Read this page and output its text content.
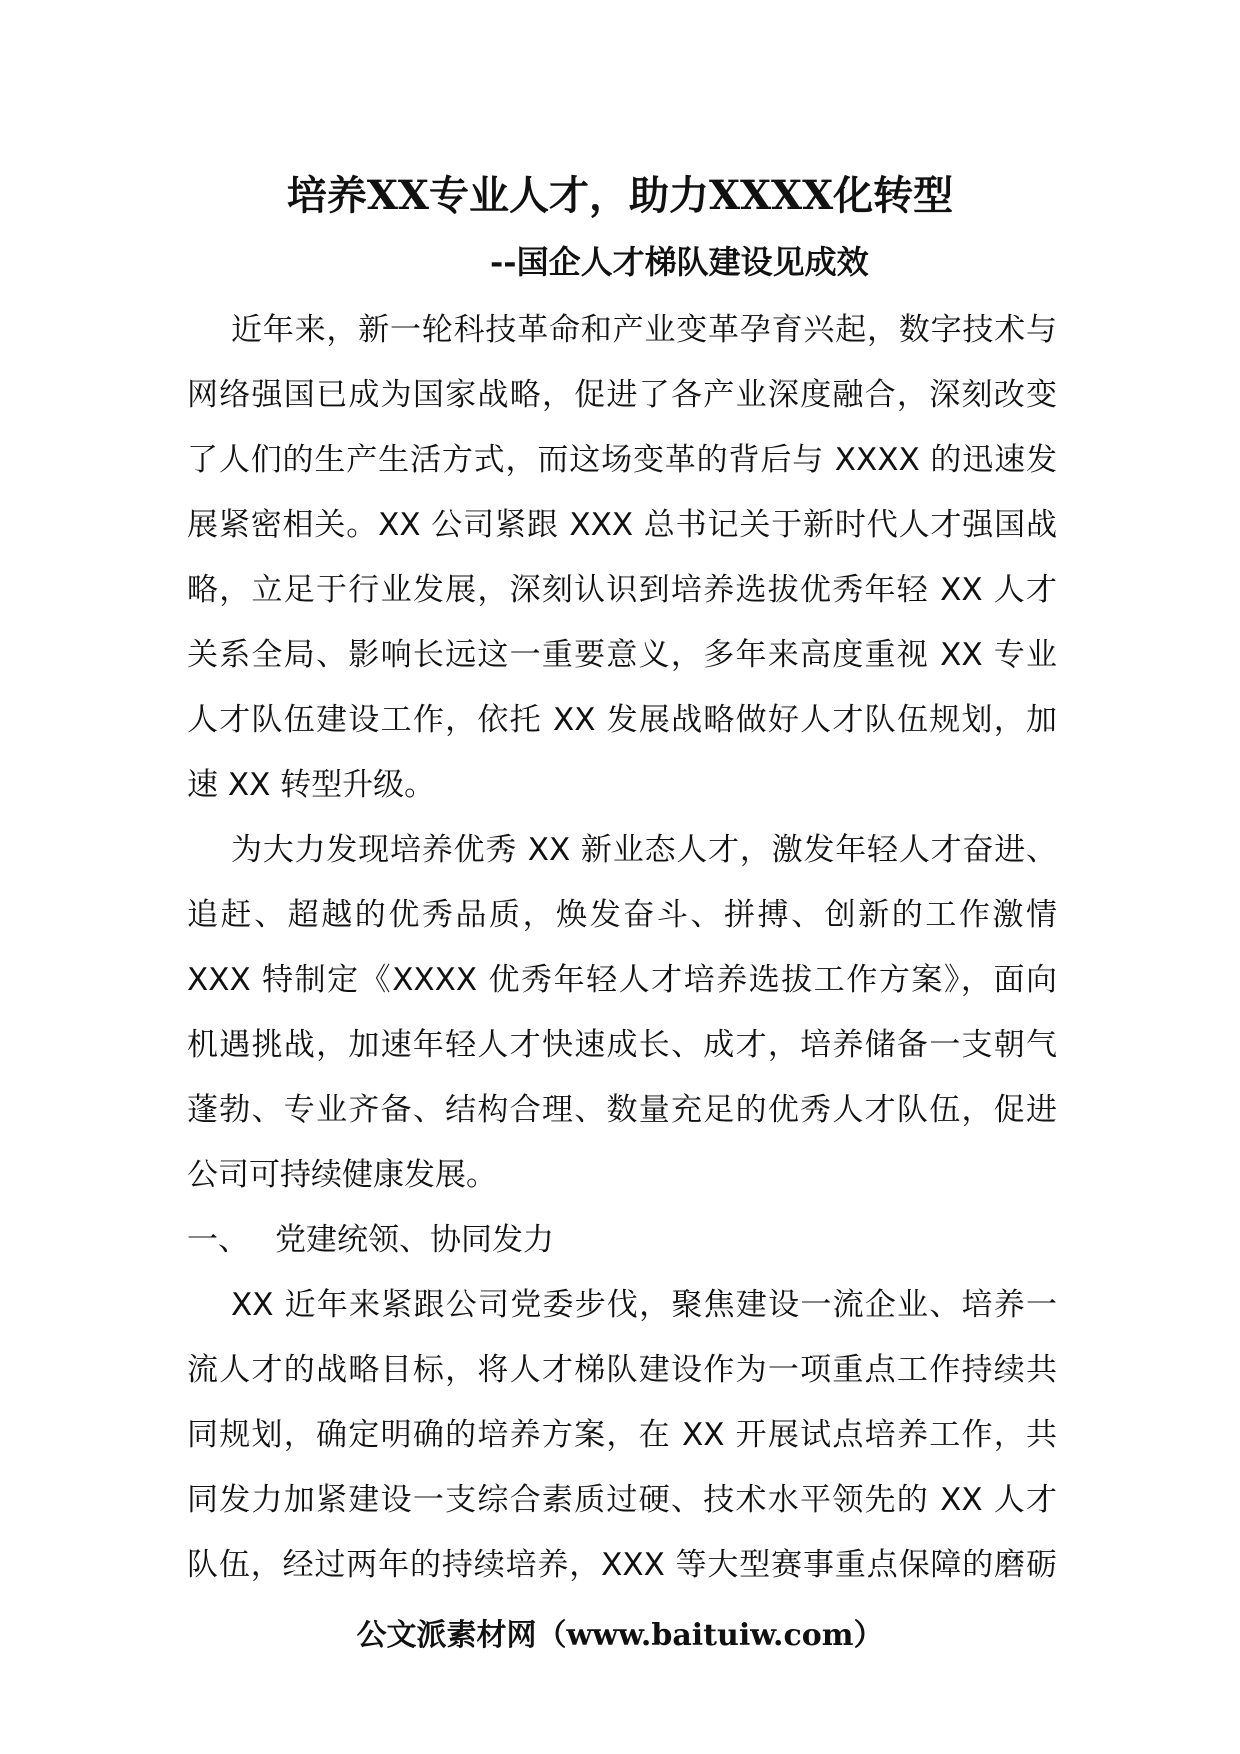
培养XX专业人才，助力XXXX化转型
--国企人才梯队建设见成效

近年来，新一轮科技革命和产业变革孕育兴起，数字技术与
网络强国已成为国家战略，促进了各产业深度融合，深刻改变
了人们的生产生活方式，而这场变革的背后与 XXXX 的迅速发
展紧密相关。XX 公司紧跟 XXX 总书记关于新时代人才强国战
略，立足于行业发展，深刻认识到培养选拔优秀年轻 XX 人才
关系全局、影响长远这一重要意义，多年来高度重视 XX 专业
人才队伍建设工作，依托 XX 发展战略做好人才队伍规划，加
速 XX 转型升级。

为大力发现培养优秀 XX 新业态人才，激发年轻人才奋进、
追赶、超越的优秀品质，焕发奋斗、拼搏、创新的工作激情
XXX 特制定《XXXX 优秀年轻人才培养选拔工作方案》，面向
机遇挑战，加速年轻人才快速成长、成才，培养储备一支朝气
蓬勃、专业齐备、结构合理、数量充足的优秀人才队伍，促进
公司可持续健康发展。

一、 党建统领、协同发力

XX 近年来紧跟公司党委步伐，聚焦建设一流企业、培养一
流人才的战略目标，将人才梯队建设作为一项重点工作持续共
同规划，确定明确的培养方案，在 XX 开展试点培养工作，共
同发力加紧建设一支综合素质过硬、技术水平领先的 XX 人才
队伍，经过两年的持续培养，XXX 等大型赛事重点保障的磨砺

公文派素材网（www.baituiw.com）
